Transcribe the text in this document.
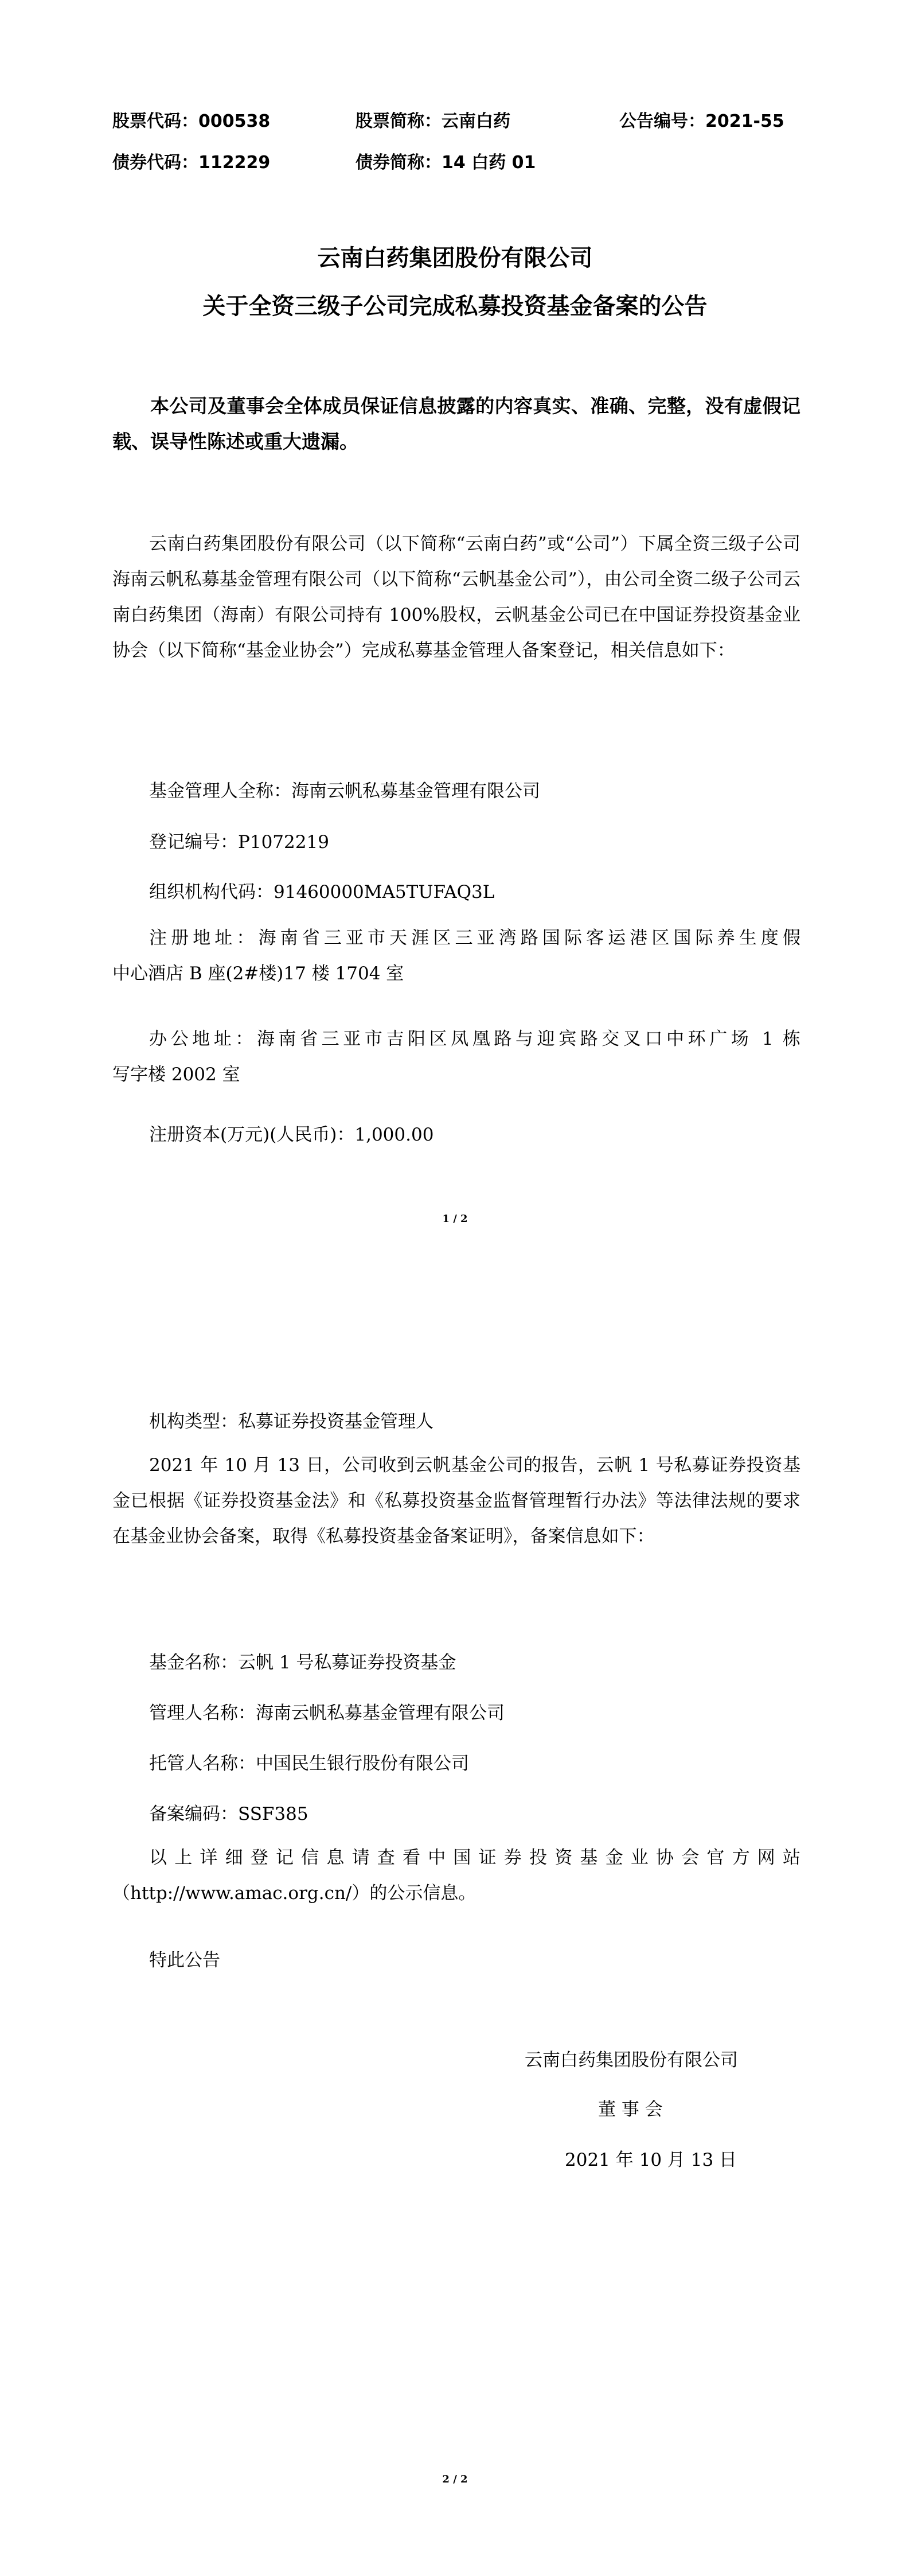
股票代码：000538	股票简称：云南白药	公告编号：2021-55
债券代码：112229	债券简称：14 白药 01
云南白药集团股份有限公司
关于全资三级子公司完成私募投资基金备案的公告

本公司及董事会全体成员保证信息披露的内容真实、准确、完整，没有虚假记载、误导性陈述或重大遗漏。

云南白药集团股份有限公司（以下简称“云南白药”或“公司”）下属全资三级子公司海南云帆私募基金管理有限公司（以下简称“云帆基金公司”），由公司全资二级子公司云南白药集团（海南）有限公司持有 100%股权，云帆基金公司已在中国证券投资基金业协会（以下简称“基金业协会”）完成私募基金管理人备案登记，相关信息如下：

基金管理人全称：海南云帆私募基金管理有限公司
登记编号：P1072219
组织机构代码：91460000MA5TUFAQ3L
注册地址：海南省三亚市天涯区三亚湾路国际客运港区国际养生度假
中心酒店 B 座(2#楼)17 楼 1704 室
办公地址：海南省三亚市吉阳区凤凰路与迎宾路交叉口中环广场 1 栋
写字楼 2002 室
注册资本(万元)(人民币)：1,000.00
1 / 2
机构类型：私募证券投资基金管理人

2021 年 10 月 13 日，公司收到云帆基金公司的报告，云帆 1 号私募证券投资基金已根据《证券投资基金法》和《私募投资基金监督管理暂行办法》等法律法规的要求在基金业协会备案，取得《私募投资基金备案证明》，备案信息如下：

基金名称：云帆 1 号私募证券投资基金
管理人名称：海南云帆私募基金管理有限公司
托管人名称：中国民生银行股份有限公司
备案编码：SSF385
以上详细登记信息请查看中国证券投资基金业协会官方网站
（http://www.amac.org.cn/）的公示信息。
特此公告
云南白药集团股份有限公司
董 事 会
2021 年 10 月 13 日
2 / 2
